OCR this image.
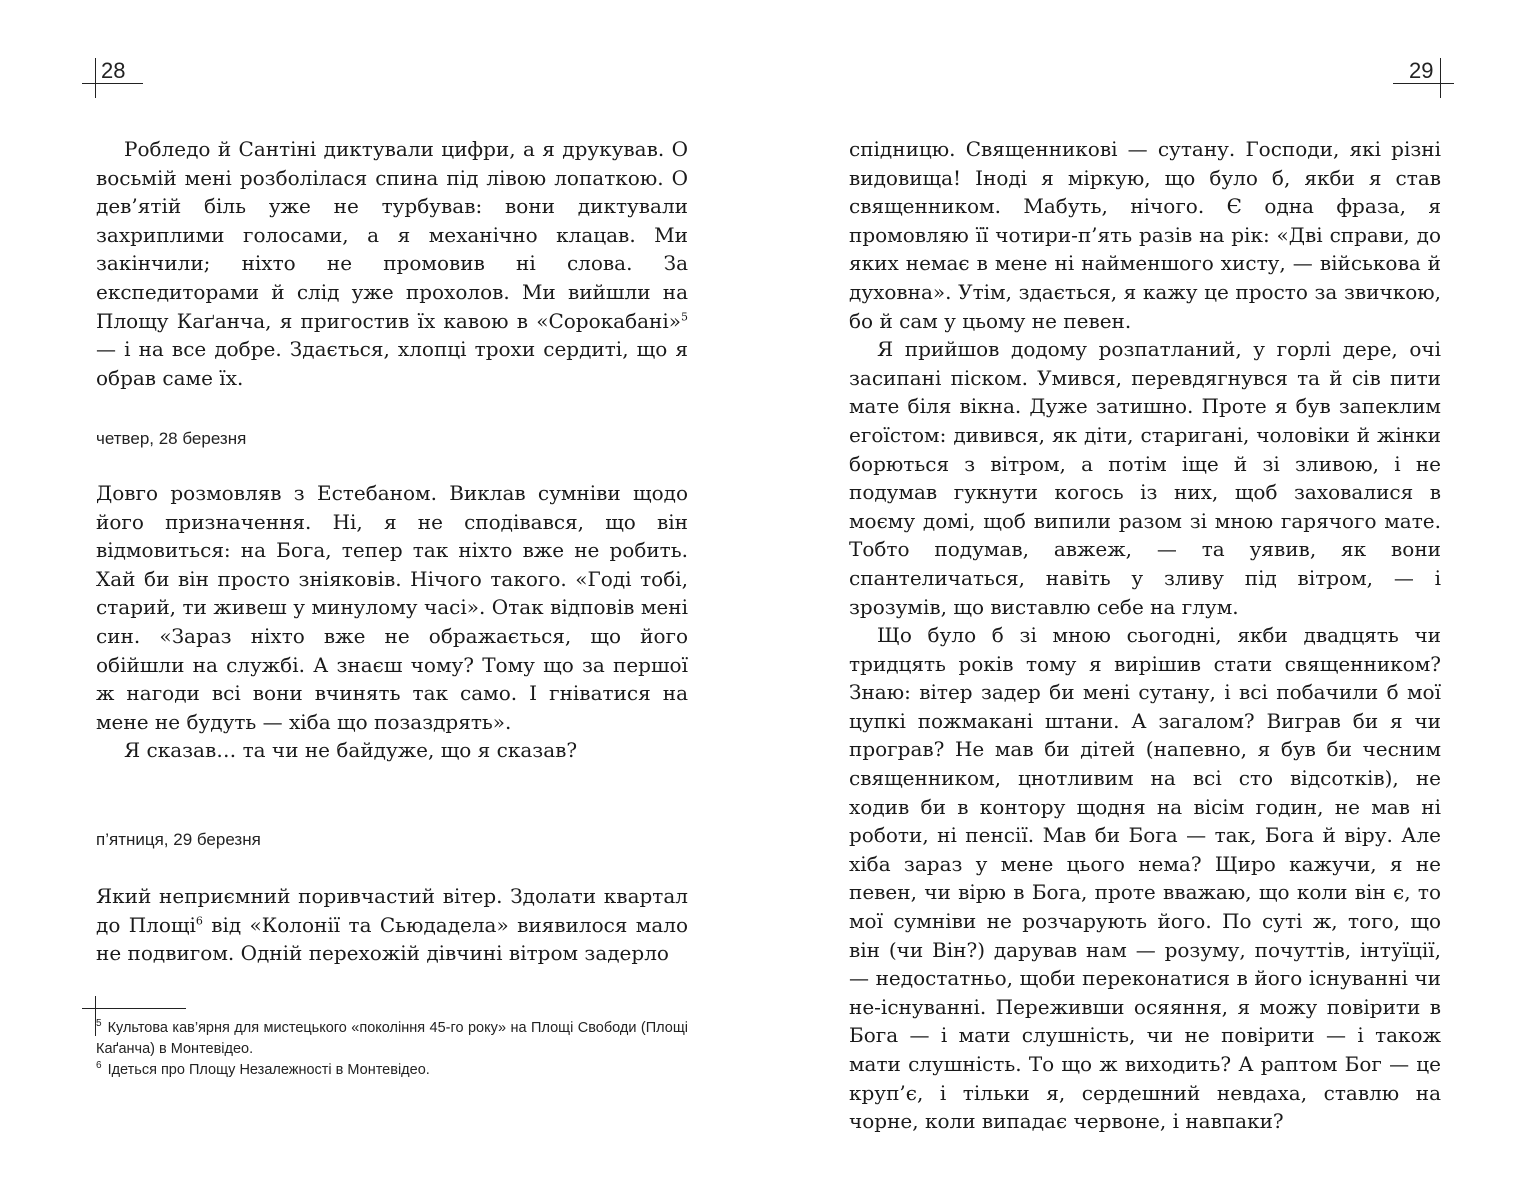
28	29

Робледо й Сантіні диктували цифри, а я друкував. О восьмій мені розболілася спина під лівою лопаткою. О дев’ятій біль уже не турбував: вони диктували захриплими голосами, а я механічно клацав. Ми закінчили; ніхто не промовив ні слова. За експедиторами й слід уже прохолов. Ми вийшли на Площу Каґанча, я пригостив їх кавою в «Сорокабані»$^5$ — і на все добре. Здається, хлопці трохи сердиті, що я обрав саме їх.

четвер, 28 березня

Довго розмовляв з Естебаном. Виклав сумніви щодо його призначення. Ні, я не сподівався, що він відмовиться: на Бога, тепер так ніхто вже не робить. Хай би він просто зніяковів. Нічого такого. «Годі тобі, старий, ти живеш у минулому часі». Отак відповів мені син. «Зараз ніхто вже не ображається, що його обійшли на службі. А знаєш чому? Тому що за першої ж нагоди всі вони вчинять так само. І гніватися на мене не будуть — хіба що позаздрять».

Я сказав… та чи не байдуже, що я сказав?

п’ятниця, 29 березня

Який неприємний поривчастий вітер. Здолати квартал до Площі$^6$ від «Колонії та Сьюдадела» виявилося мало не подвигом. Одній перехожій дівчині вітром задерло

$^5$ Культова кав’ярня для мистецького «покоління 45-го року» на Площі Свободи (Площі Каґанча) в Монтевідео.

$^6$ Ідеться про Площу Незалежності в Монтевідео.

спідницю. Священникові — сутану. Господи, які різні видовища! Іноді я міркую, що було б, якби я став священником. Мабуть, нічого. Є одна фраза, я промовляю її чотири-п’ять разів на рік: «Дві справи, до яких немає в мене ні найменшого хисту, — військова й духовна». Утім, здається, я кажу це просто за звичкою, бо й сам у цьому не певен.

Я прийшов додому розпатланий, у горлі дере, очі засипані піском. Умився, перевдягнувся та й сів пити мате біля вікна. Дуже затишно. Проте я був запеклим егоїстом: дивився, як діти, старигані, чоловіки й жінки борються з вітром, а потім іще й зі зливою, і не подумав гукнути когось із них, щоб заховалися в моєму домі, щоб випили разом зі мною гарячого мате. Тобто подумав, авжеж, — та уявив, як вони спантеличаться, навіть у зливу під вітром, — і зрозумів, що виставлю себе на глум.

Що було б зі мною сьогодні, якби двадцять чи тридцять років тому я вирішив стати священником? Знаю: вітер задер би мені сутану, і всі побачили б мої цупкі пожмакані штани. А загалом? Виграв би я чи програв? Не мав би дітей (напевно, я був би чесним священником, цнотливим на всі сто відсотків), не ходив би в контору щодня на вісім годин, не мав ні роботи, ні пенсії. Мав би Бога — так, Бога й віру. Але хіба зараз у мене цього нема? Щиро кажучи, я не певен, чи вірю в Бога, проте вважаю, що коли він є, то мої сумніви не розчарують його. По суті ж, того, що він (чи Він?) дарував нам — розуму, почуттів, інтуїції, — недостатньо, щоби переконатися в його існуванні чи не-існуванні. Переживши осяяння, я можу повірити в Бога — і мати слушність, чи не повірити — і також мати слушність. То що ж виходить? А раптом Бог — це круп’є, і тільки я, сердешний невдаха, ставлю на чорне, коли випадає червоне, і навпаки?
